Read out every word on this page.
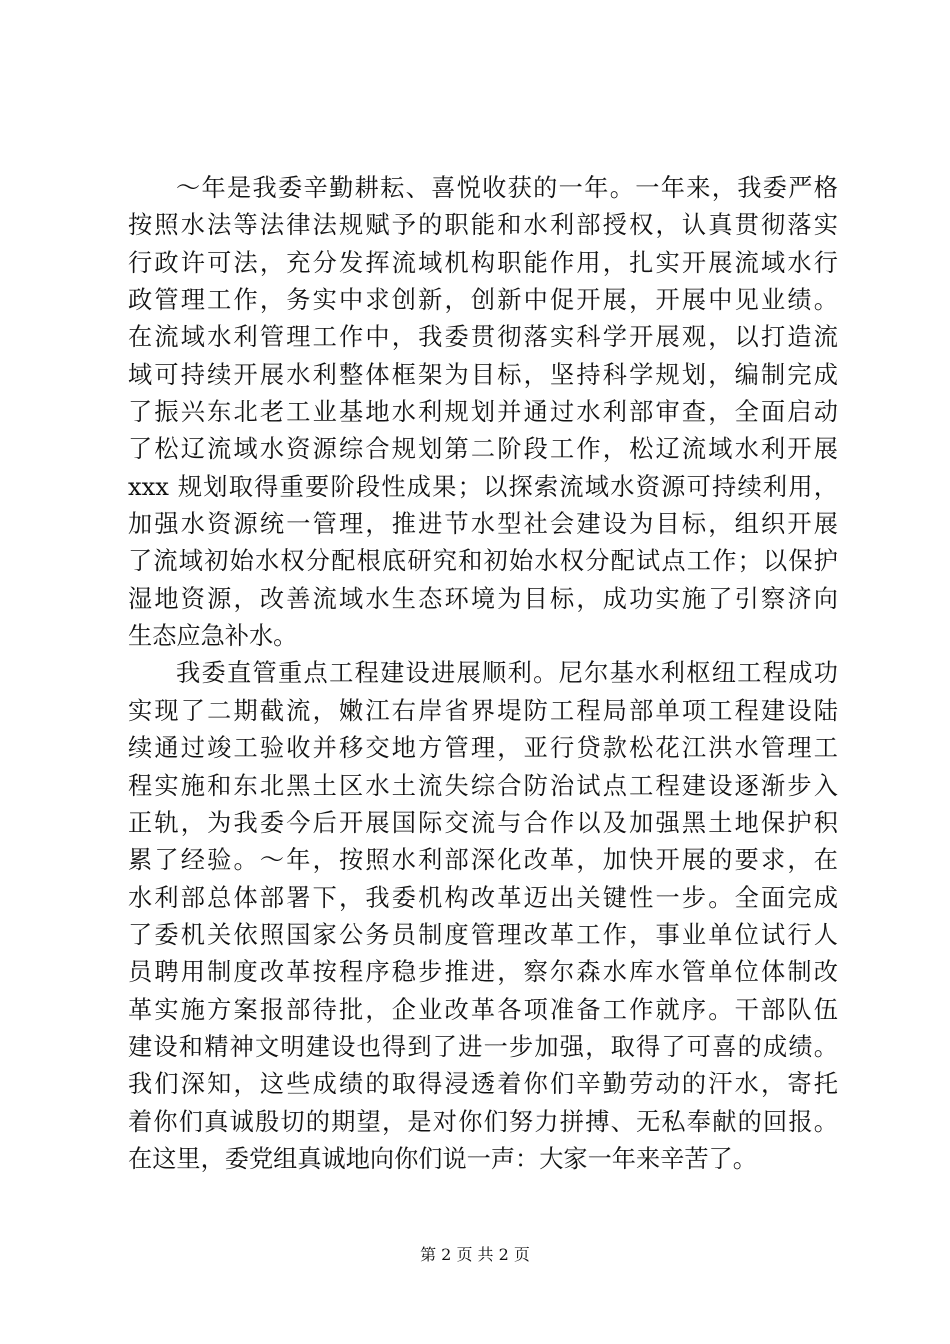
～年是我委辛勤耕耘、喜悦收获的一年。一年来，我委严格
按照水法等法律法规赋予的职能和水利部授权，认真贯彻落实
行政许可法，充分发挥流域机构职能作用，扎实开展流域水行
政管理工作，务实中求创新，创新中促开展，开展中见业绩。
在流域水利管理工作中，我委贯彻落实科学开展观，以打造流
域可持续开展水利整体框架为目标，坚持科学规划，编制完成
了振兴东北老工业基地水利规划并通过水利部审查，全面启动
了松辽流域水资源综合规划第二阶段工作，松辽流域水利开展
xxx 规划取得重要阶段性成果；以探索流域水资源可持续利用，
加强水资源统一管理，推进节水型社会建设为目标，组织开展
了流域初始水权分配根底研究和初始水权分配试点工作；以保护
湿地资源，改善流域水生态环境为目标，成功实施了引察济向
生态应急补水。
我委直管重点工程建设进展顺利。尼尔基水利枢纽工程成功
实现了二期截流，嫩江右岸省界堤防工程局部单项工程建设陆
续通过竣工验收并移交地方管理，亚行贷款松花江洪水管理工
程实施和东北黑土区水土流失综合防治试点工程建设逐渐步入
正轨，为我委今后开展国际交流与合作以及加强黑土地保护积
累了经验。～年，按照水利部深化改革，加快开展的要求，在
水利部总体部署下，我委机构改革迈出关键性一步。全面完成
了委机关依照国家公务员制度管理改革工作，事业单位试行人
员聘用制度改革按程序稳步推进，察尔森水库水管单位体制改
革实施方案报部待批，企业改革各项准备工作就序。干部队伍
建设和精神文明建设也得到了进一步加强，取得了可喜的成绩。
我们深知，这些成绩的取得浸透着你们辛勤劳动的汗水，寄托
着你们真诚殷切的期望，是对你们努力拼搏、无私奉献的回报。
在这里，委党组真诚地向你们说一声：大家一年来辛苦了。
第 2 页 共 2 页
